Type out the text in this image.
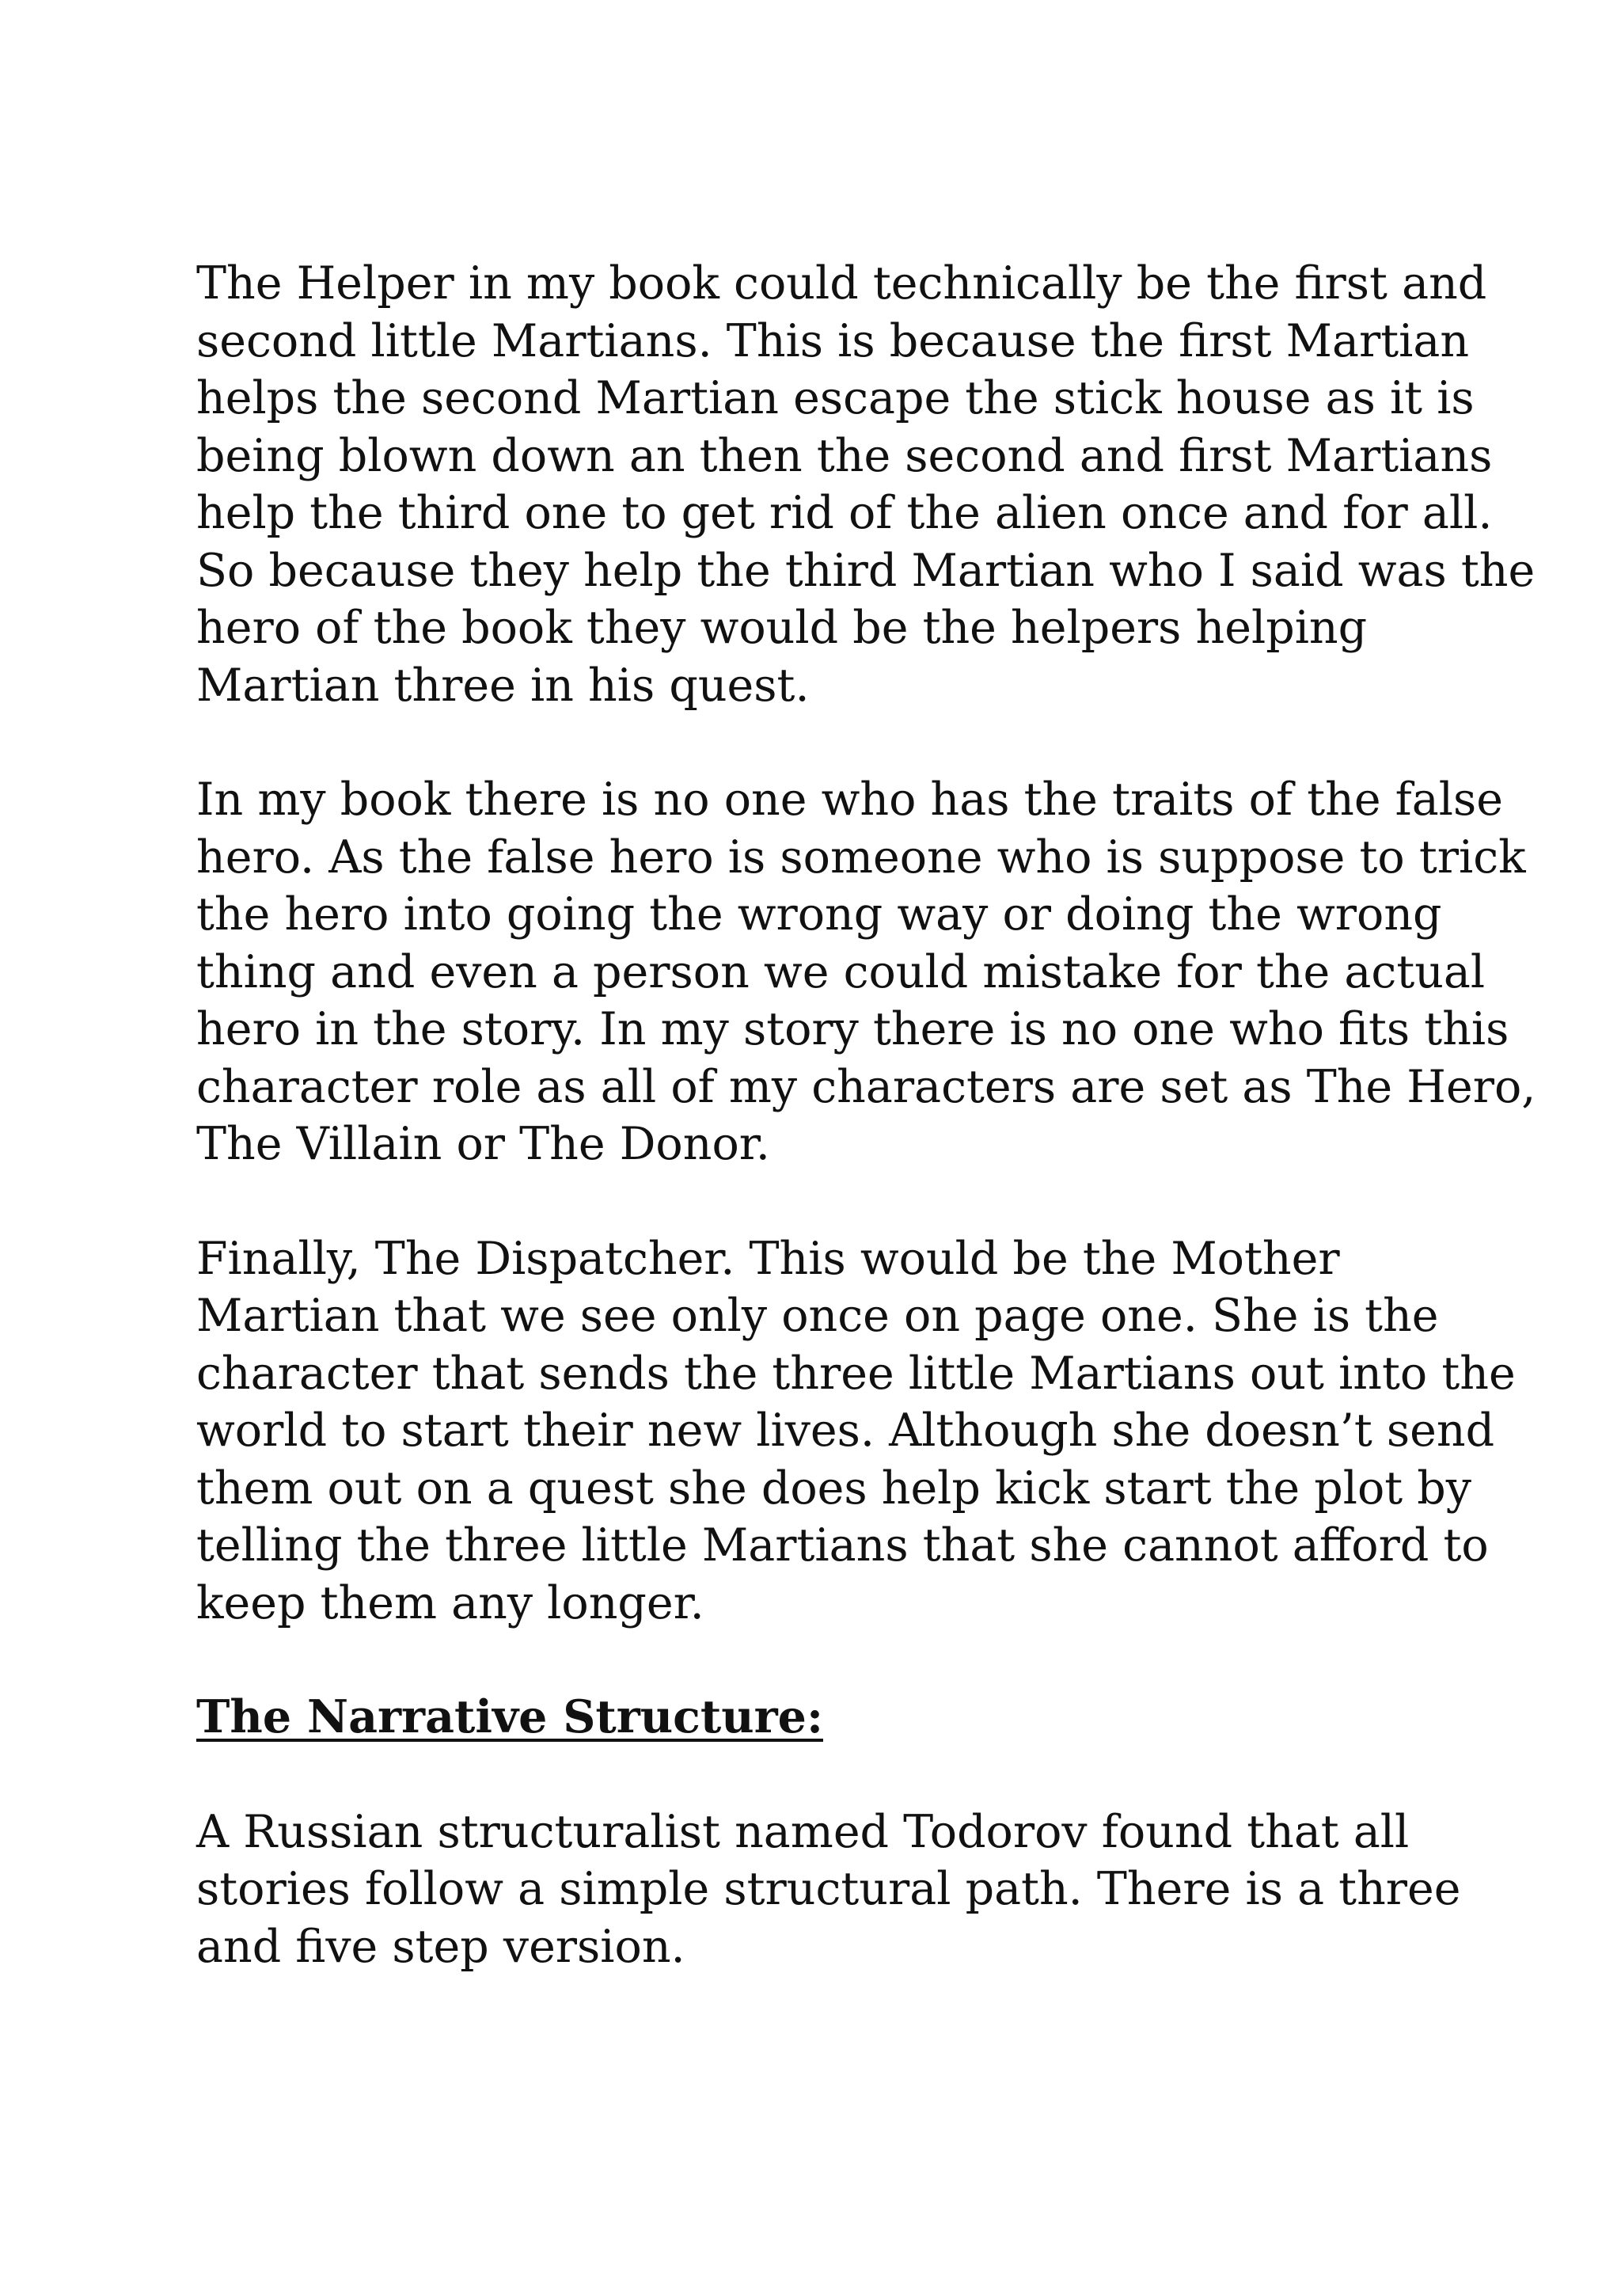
The Helper in my book could technically be the first and
second little Martians. This is because the first Martian
helps the second Martian escape the stick house as it is
being blown down an then the second and first Martians
help the third one to get rid of the alien once and for all.
So because they help the third Martian who I said was the
hero of the book they would be the helpers helping
Martian three in his quest.

In my book there is no one who has the traits of the false
hero. As the false hero is someone who is suppose to trick
the hero into going the wrong way or doing the wrong
thing and even a person we could mistake for the actual
hero in the story. In my story there is no one who fits this
character role as all of my characters are set as The Hero,
The Villain or The Donor.

Finally, The Dispatcher. This would be the Mother
Martian that we see only once on page one. She is the
character that sends the three little Martians out into the
world to start their new lives. Although she doesn’t send
them out on a quest she does help kick start the plot by
telling the three little Martians that she cannot afford to
keep them any longer.

The Narrative Structure:

A Russian structuralist named Todorov found that all
stories follow a simple structural path. There is a three
and five step version.
